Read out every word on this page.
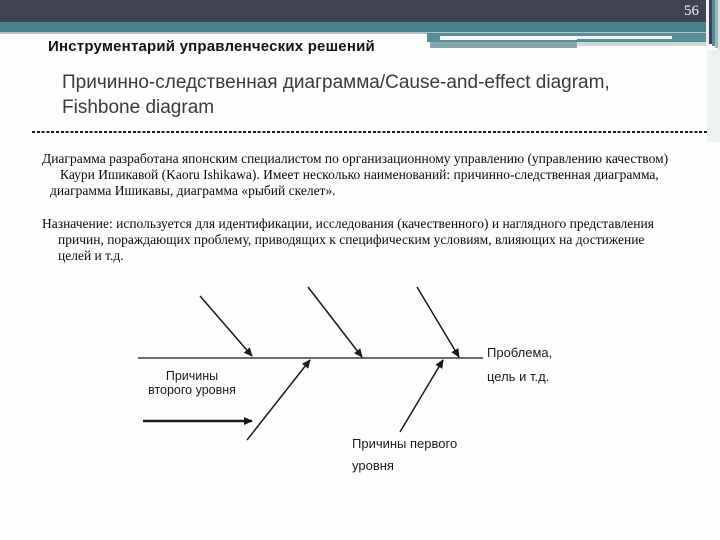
56
Инструментарий управленческих решений
Причинно-следственная диаграмма/Cause-and-effect diagram,
Fishbone diagram
Диаграмма разработана японским специалистом по организационному управлению (управлению качеством)
Каури Ишикавой (Kaoru Ishikawa). Имеет несколько наименований: причинно-следственная диаграмма,
диаграмма Ишикавы, диаграмма «рыбий скелет».
Назначение: используется для идентификации, исследования (качественного) и наглядного представления
причин, пораждающих проблему, приводящих к специфическим условиям, влияющих на достижение
целей и т.д.
Проблема,
цель и т.д.
Причины
второго уровня
Причины первого
уровня
